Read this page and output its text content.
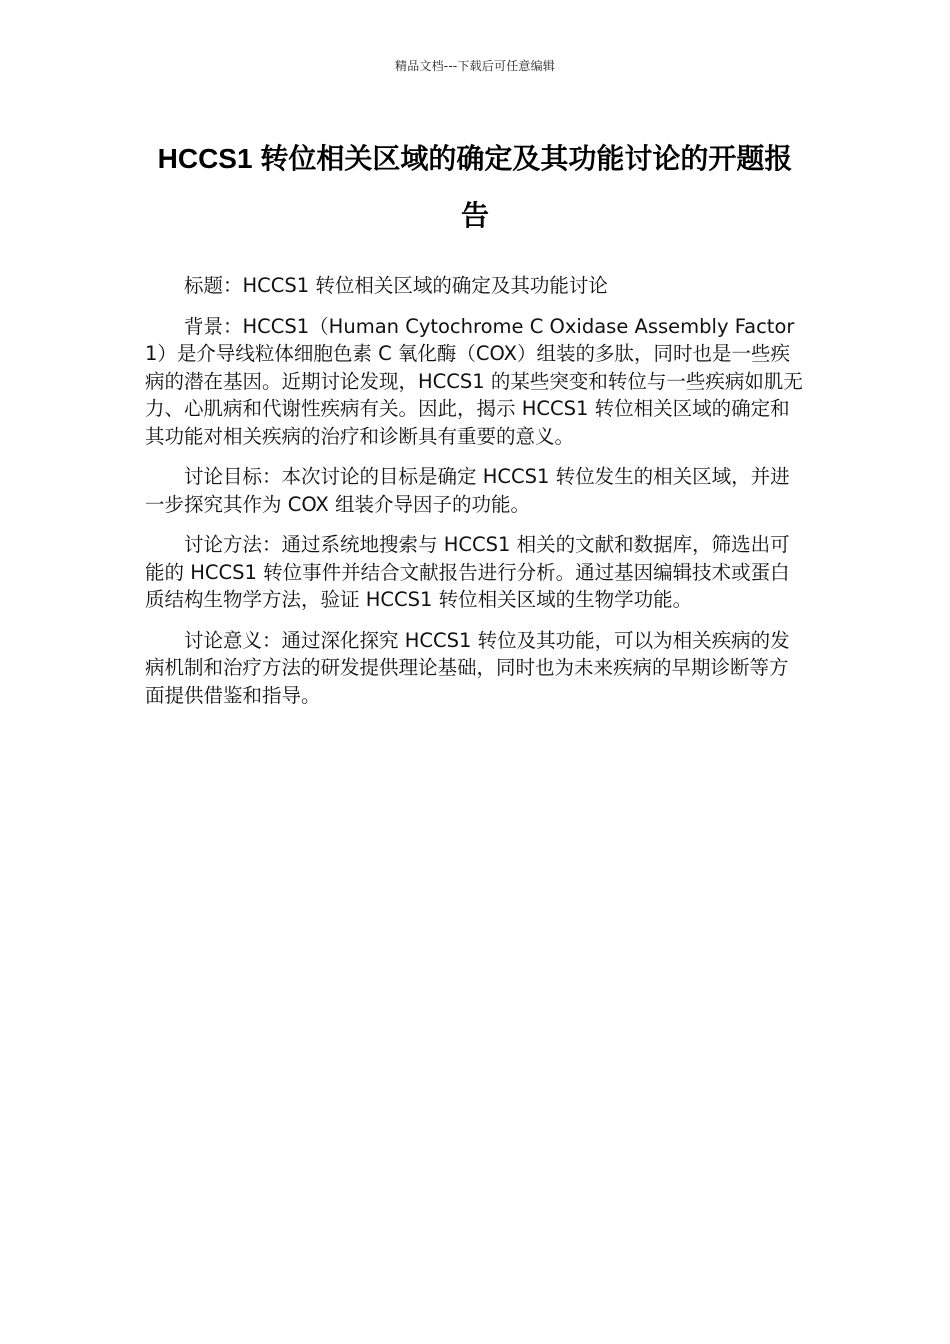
精品文档---下载后可任意编辑
HCCS1 转位相关区域的确定及其功能讨论的开题报告

标题：HCCS1 转位相关区域的确定及其功能讨论

背景：HCCS1（Human Cytochrome C Oxidase Assembly Factor 1）是介导线粒体细胞色素 C 氧化酶（COX）组装的多肽，同时也是一些疾病的潜在基因。近期讨论发现，HCCS1 的某些突变和转位与一些疾病如肌无力、心肌病和代谢性疾病有关。因此，揭示 HCCS1 转位相关区域的确定和其功能对相关疾病的治疗和诊断具有重要的意义。

讨论目标：本次讨论的目标是确定 HCCS1 转位发生的相关区域，并进一步探究其作为 COX 组装介导因子的功能。

讨论方法：通过系统地搜索与 HCCS1 相关的文献和数据库，筛选出可能的 HCCS1 转位事件并结合文献报告进行分析。通过基因编辑技术或蛋白质结构生物学方法，验证 HCCS1 转位相关区域的生物学功能。

讨论意义：通过深化探究 HCCS1 转位及其功能，可以为相关疾病的发病机制和治疗方法的研发提供理论基础，同时也为未来疾病的早期诊断等方面提供借鉴和指导。
